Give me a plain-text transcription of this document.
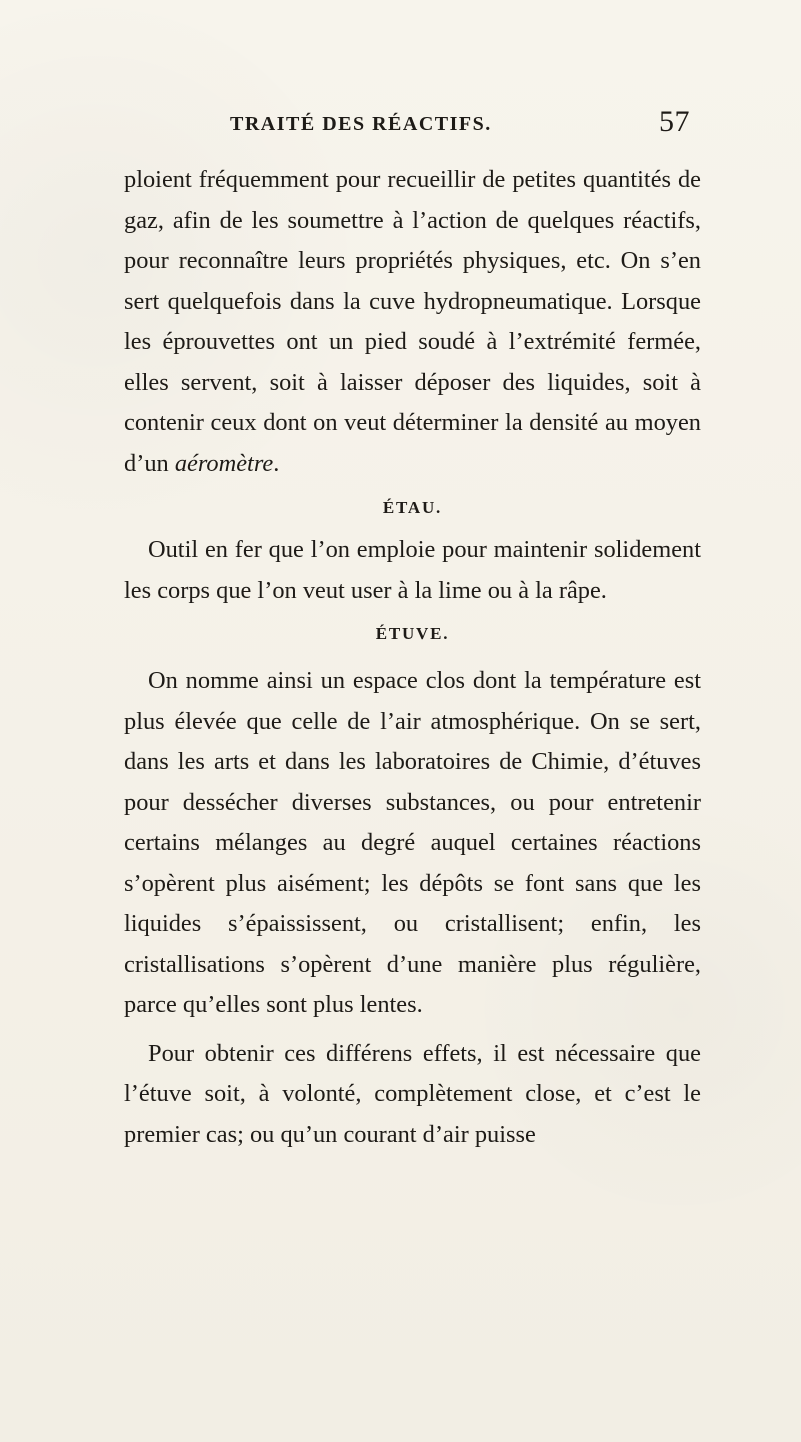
TRAITÉ DES RÉACTIFS.	57

ploient fréquemment pour recueillir de petites quantités de gaz, afin de les soumettre à l’action de quelques réactifs, pour reconnaître leurs propriétés physiques, etc. On s’en sert quelquefois dans la cuve hydropneumatique. Lorsque les éprouvettes ont un pied soudé à l’extrémité fermée, elles servent, soit à laisser déposer des liquides, soit à contenir ceux dont on veut déterminer la densité au moyen d’un aéromètre.

ÉTAU.

Outil en fer que l’on emploie pour maintenir solidement les corps que l’on veut user à la lime ou à la râpe.

ÉTUVE.

On nomme ainsi un espace clos dont la température est plus élevée que celle de l’air atmosphérique. On se sert, dans les arts et dans les laboratoires de Chimie, d’étuves pour dessécher diverses substances, ou pour entretenir certains mélanges au degré auquel certaines réactions s’opèrent plus aisément; les dépôts se font sans que les liquides s’épaississent, ou cristallisent; enfin, les cristallisations s’opèrent d’une manière plus régulière, parce qu’elles sont plus lentes.

Pour obtenir ces différens effets, il est nécessaire que l’étuve soit, à volonté, complètement close, et c’est le premier cas; ou qu’un courant d’air puisse
